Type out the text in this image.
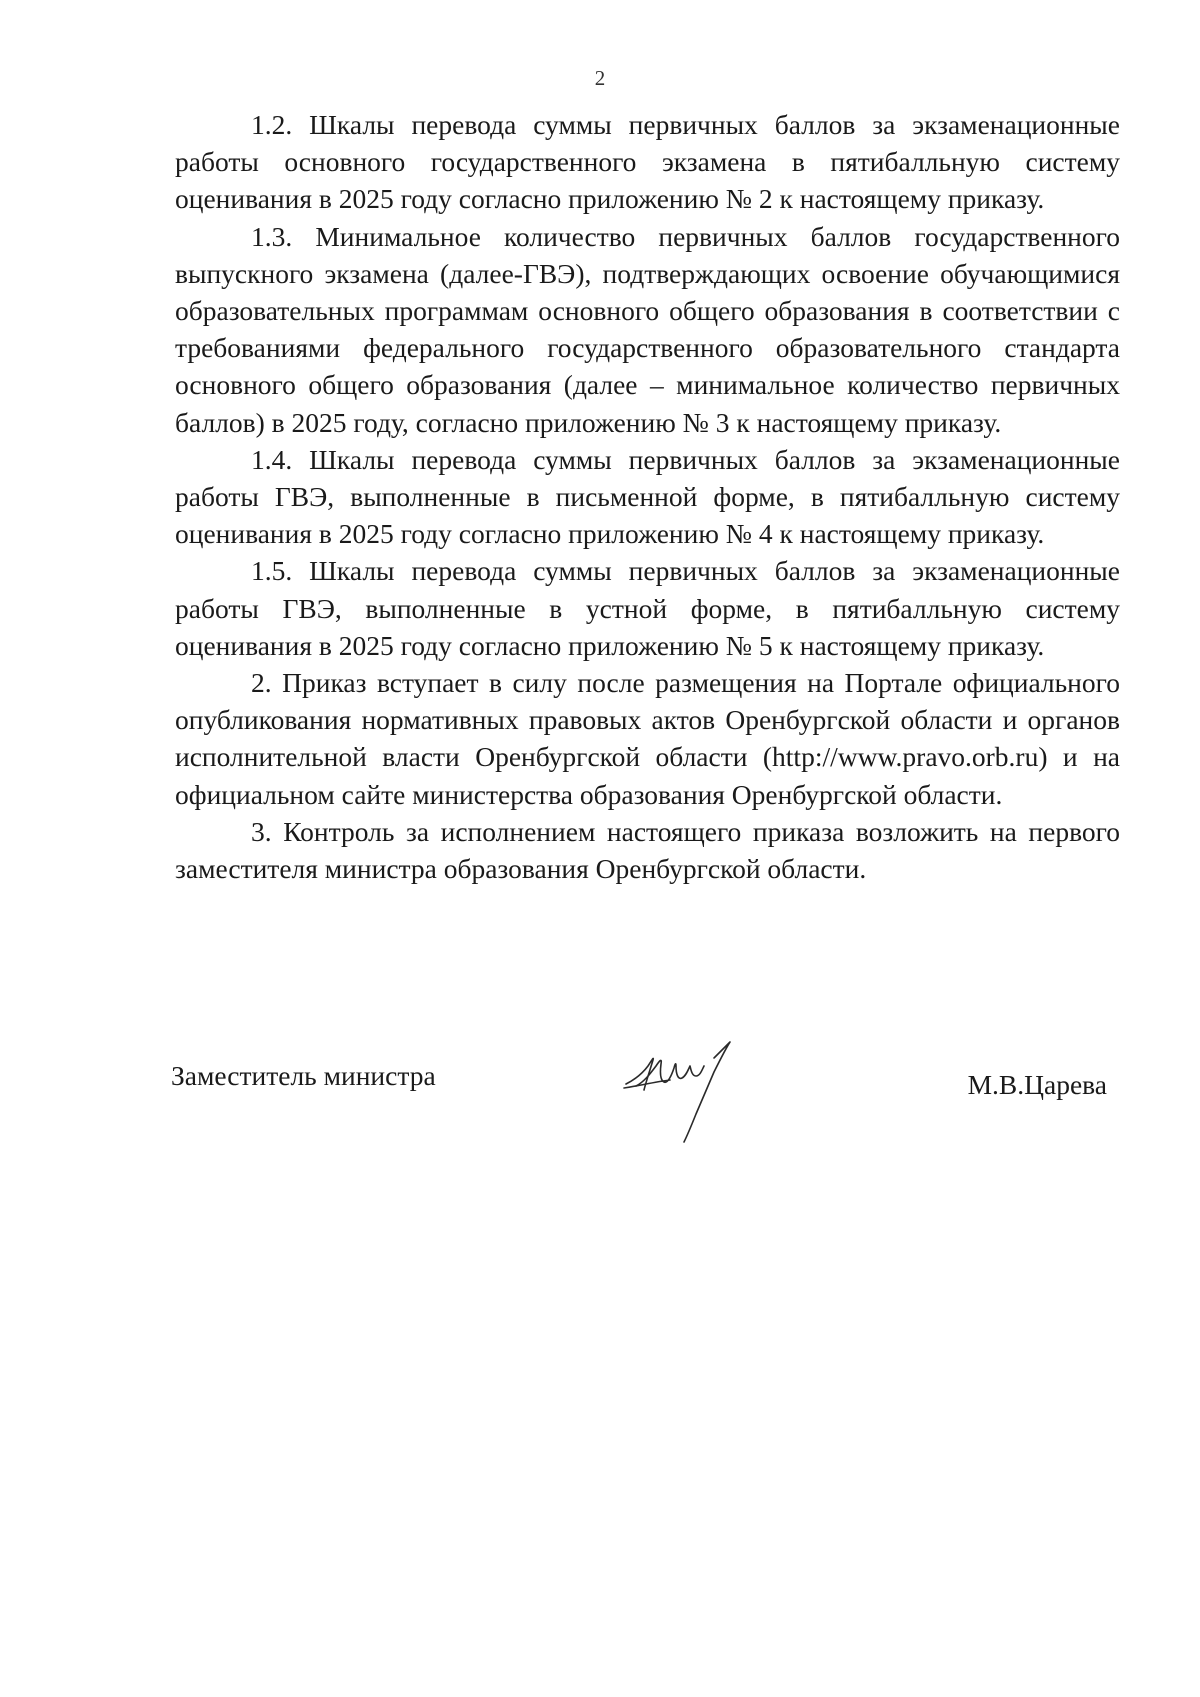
2

1.2. Шкалы перевода суммы первичных баллов за экзаменационные работы основного государственного экзамена в пятибалльную систему оценивания в 2025 году согласно приложению № 2 к настоящему приказу.

1.3. Минимальное количество первичных баллов государственного выпускного экзамена (далее-ГВЭ), подтверждающих освоение обучающимися образовательных программам основного общего образования в соответствии с требованиями федерального государственного образовательного стандарта основного общего образования (далее – минимальное количество первичных баллов) в 2025 году, согласно приложению № 3 к настоящему приказу.

1.4. Шкалы перевода суммы первичных баллов за экзаменационные работы ГВЭ, выполненные в письменной форме, в пятибалльную систему оценивания в 2025 году согласно приложению № 4 к настоящему приказу.

1.5. Шкалы перевода суммы первичных баллов за экзаменационные работы ГВЭ, выполненные в устной форме, в пятибалльную систему оценивания в 2025 году согласно приложению № 5 к настоящему приказу.

2. Приказ вступает в силу после размещения на Портале официального опубликования нормативных правовых актов Оренбургской области и органов исполнительной власти Оренбургской области (http://www.pravo.orb.ru) и на официальном сайте министерства образования Оренбургской области.

3. Контроль за исполнением настоящего приказа возложить на первого заместителя министра образования Оренбургской области.

Заместитель министра	М.В.Царева
